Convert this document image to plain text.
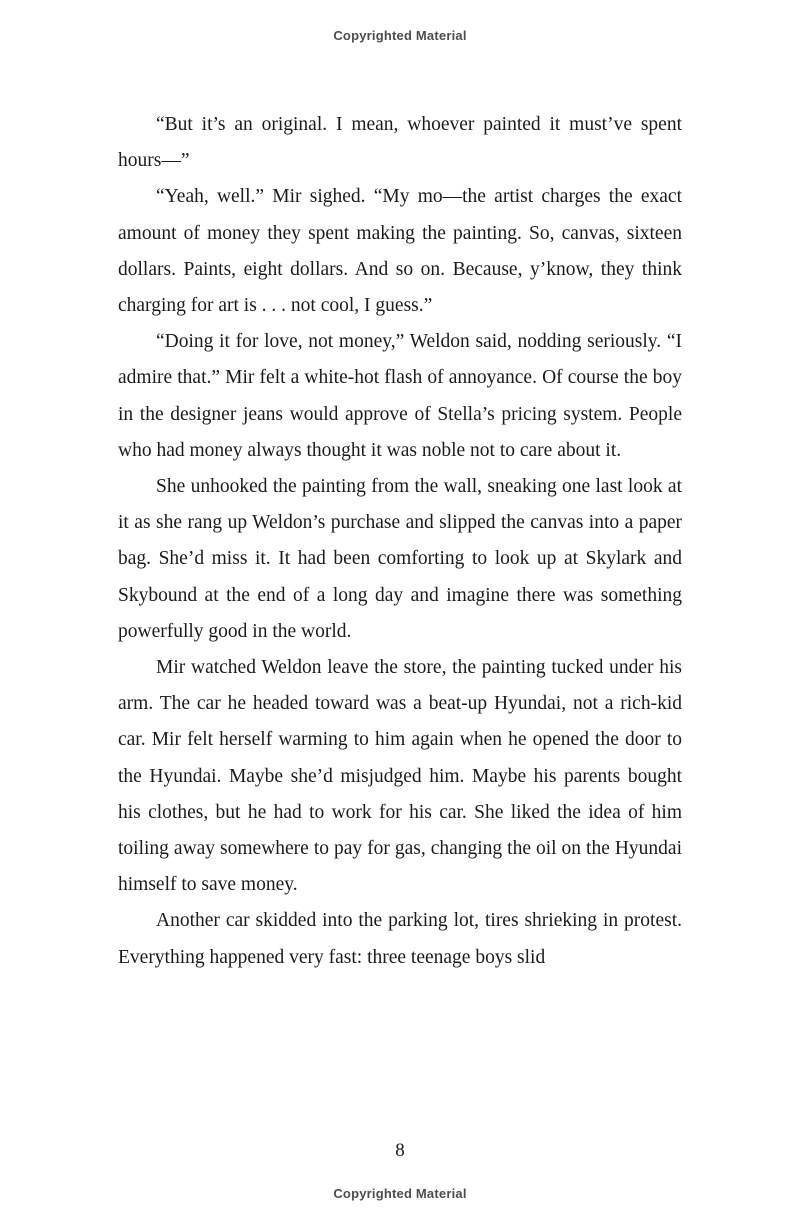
Copyrighted Material

“But it’s an original. I mean, whoever painted it must’ve spent hours—”

“Yeah, well.” Mir sighed. “My mo—the artist charges the exact amount of money they spent making the painting. So, canvas, sixteen dollars. Paints, eight dollars. And so on. Because, y’know, they think charging for art is . . . not cool, I guess.”

“Doing it for love, not money,” Weldon said, nodding seriously. “I admire that.” Mir felt a white-hot flash of annoyance. Of course the boy in the designer jeans would approve of Stella’s pricing system. People who had money always thought it was noble not to care about it.

She unhooked the painting from the wall, sneaking one last look at it as she rang up Weldon’s purchase and slipped the canvas into a paper bag. She’d miss it. It had been comforting to look up at Skylark and Skybound at the end of a long day and imagine there was something powerfully good in the world.

Mir watched Weldon leave the store, the painting tucked under his arm. The car he headed toward was a beat-up Hyundai, not a rich-kid car. Mir felt herself warming to him again when he opened the door to the Hyundai. Maybe she’d misjudged him. Maybe his parents bought his clothes, but he had to work for his car. She liked the idea of him toiling away somewhere to pay for gas, changing the oil on the Hyundai himself to save money.

Another car skidded into the parking lot, tires shrieking in protest. Everything happened very fast: three teenage boys slid

8
Copyrighted Material
